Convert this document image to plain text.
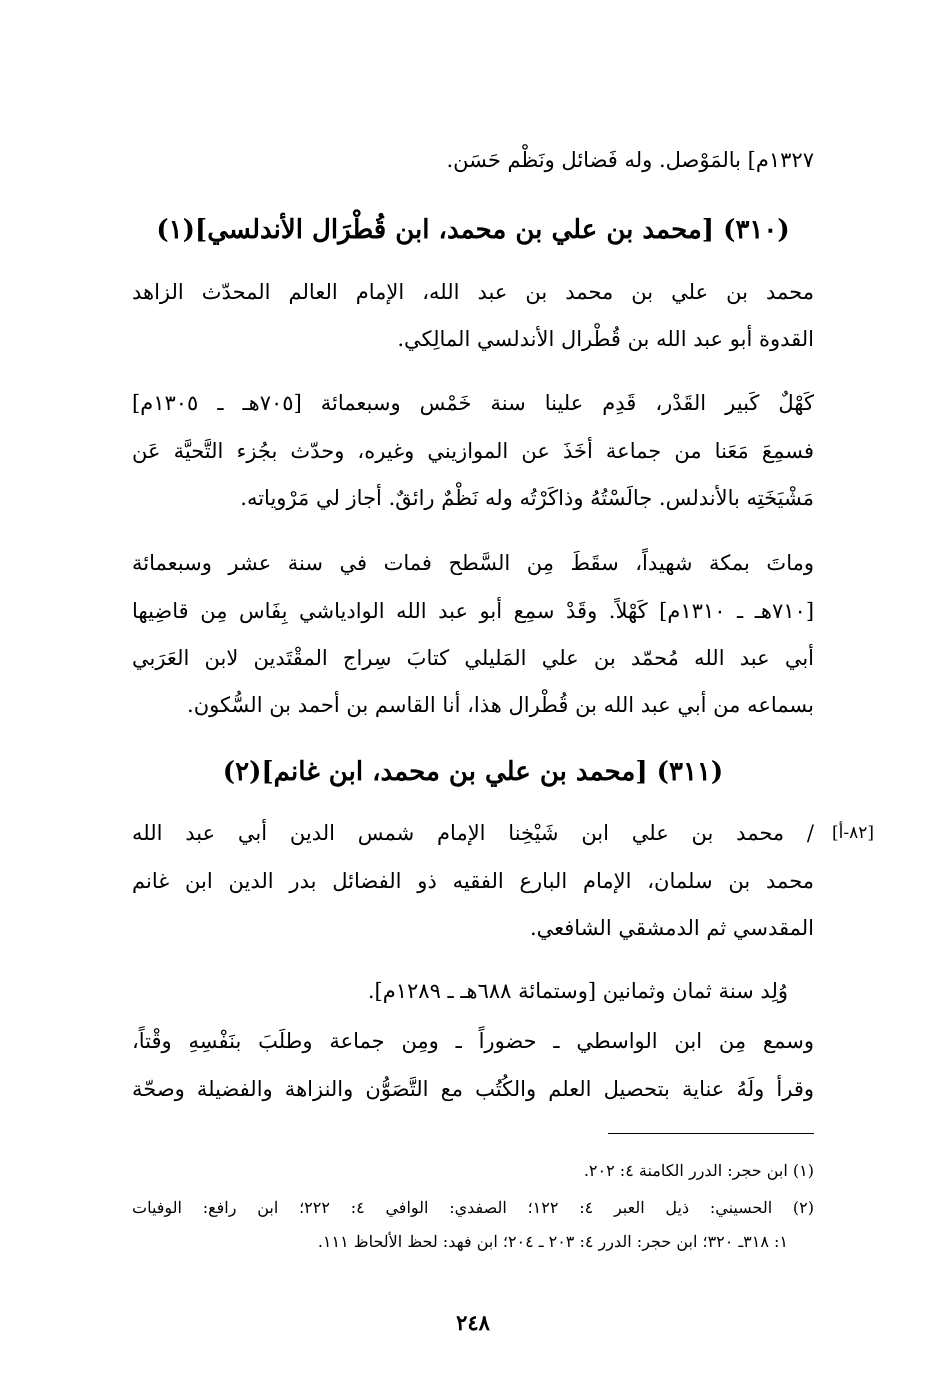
١٣٢٧م] بالمَوْصل. وله فَضائل ونَظْم حَسَن.
(٣١٠) [محمد بن علي بن محمد، ابن قُطْرَال الأندلسي](١)
محمد بن علي بن محمد بن عبد الله، الإمام العالم المحدّث الزاهد
القدوة أبو عبد الله بن قُطْرال الأندلسي المالِكي.
كَهْلٌ كَبير القَدْر، قَدِم علينا سنة خَمْس وسبعمائة [٧٠٥هـ ـ ١٣٠٥م]
فسمِعَ مَعَنا من جماعة أخَذَ عن الموازيني وغيره، وحدّث بجُزء التَّحيَّة عَن
مَشْيَخَتِه بالأندلس. جالَسْتُهُ وذاكَرْتُه وله نَظْمٌ رائقٌ. أجاز لي مَرْوياته.
وماتَ بمكة شهيداً، سقَطَ مِن السَّطح فمات في سنة عشر وسبعمائة
[٧١٠هـ ـ ١٣١٠م] كَهْلاً. وقَدْ سمِع أبو عبد الله الوادياشي بِفَاس مِن قاضِيها
أبي عبد الله مُحمّد بن علي المَليلي كتابَ سِراج المقْتَدين لابن العَرَبي
بسماعه من أبي عبد الله بن قُطْرال هذا، أنا القاسم بن أحمد بن السُّكون.
(٣١١) [محمد بن علي بن محمد، ابن غانم](٢)
[٨٢-أ]
/ محمد بن علي ابن شَيْخِنا الإمام شمس الدين أبي عبد الله
محمد بن سلمان، الإمام البارع الفقيه ذو الفضائل بدر الدين ابن غانم
المقدسي ثم الدمشقي الشافعي.
وُلِد سنة ثمان وثمانين [وستمائة ٦٨٨هـ ـ ١٢٨٩م].
وسمع مِن ابن الواسطي ـ حضوراً ـ ومِن جماعة وطلَبَ بنَفْسِهِ وقْتاً،
وقرأ ولَهُ عناية بتحصيل العلم والكُتُب مع التَّصَوُّن والنزاهة والفضيلة وصحّة
(١) ابن حجر: الدرر الكامنة ٤: ٢٠٢.
(٢) الحسيني: ذيل العبر ٤: ١٢٢؛ الصفدي: الوافي ٤: ٢٢٢؛ ابن رافع: الوفيات
١: ٣١٨ـ ٣٢٠؛ ابن حجر: الدرر ٤: ٢٠٣ ـ ٢٠٤؛ ابن فهد: لحظ الألحاظ ١١١.
٢٤٨
